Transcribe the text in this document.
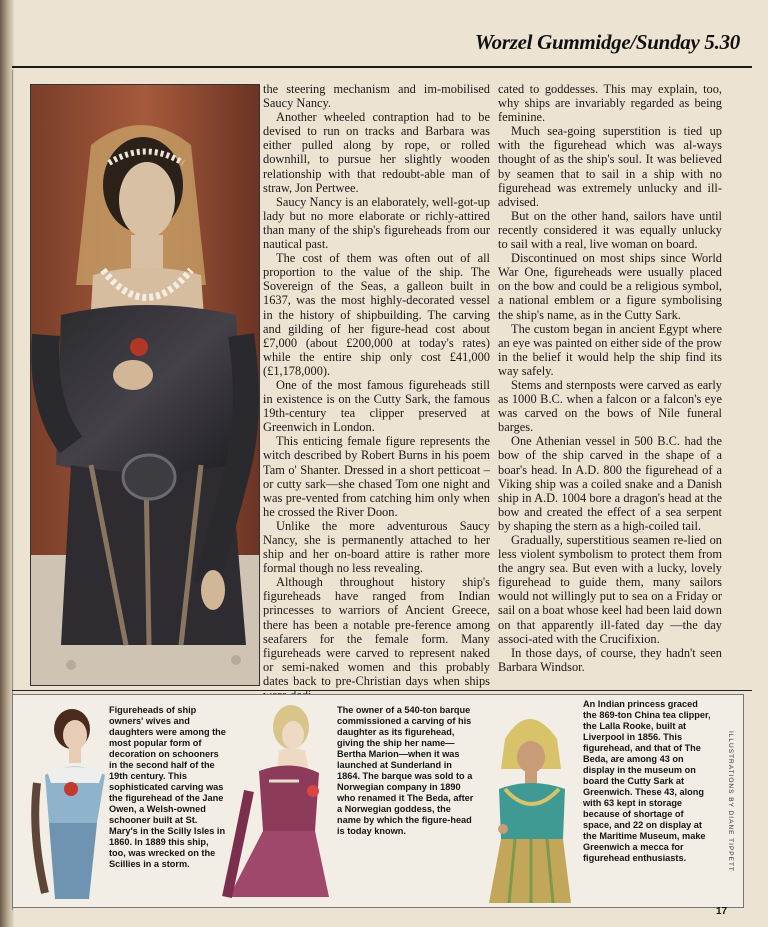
Worzel Gummidge/Sunday 5.30

the steering mechanism and im-mobilised Saucy Nancy.

Another wheeled contraption had to be devised to run on tracks and Barbara was either pulled along by rope, or rolled downhill, to pursue her slightly wooden relationship with that redoubt-able man of straw, Jon Pertwee.

Saucy Nancy is an elaborately, well-got-up lady but no more elaborate or richly-attired than many of the ship's figureheads from our nautical past.

The cost of them was often out of all proportion to the value of the ship. The Sovereign of the Seas, a galleon built in 1637, was the most highly-decorated vessel in the history of shipbuilding. The carving and gilding of her figure-head cost about £7,000 (about £200,000 at today's rates) while the entire ship only cost £41,000 (£1,178,000).

One of the most famous figureheads still in existence is on the Cutty Sark, the famous 19th-century tea clipper preserved at Greenwich in London.

This enticing female figure represents the witch described by Robert Burns in his poem Tam o' Shanter. Dressed in a short petticoat –or cutty sark—she chased Tom one night and was pre-vented from catching him only when he crossed the River Doon.

Unlike the more adventurous Saucy Nancy, she is permanently attached to her ship and her on-board attire is rather more formal though no less revealing.

Although throughout history ship's figureheads have ranged from Indian princesses to warriors of Ancient Greece, there has been a notable pre-ference among seafarers for the female form. Many figureheads were carved to represent naked or semi-naked women and this probably dates back to pre-Christian days when ships

cated to goddesses. This may explain, too, why ships are invariably regarded as being feminine.

Much sea-going superstition is tied up with the figurehead which was al-ways thought of as the ship's soul. It was believed by seamen that to sail in a ship with no figurehead was extremely unlucky and ill-advised.

But on the other hand, sailors have until recently considered it was equally unlucky to sail with a real, live woman on board.

Discontinued on most ships since World War One, figureheads were usually placed on the bow and could be a religious symbol, a national emblem or a figure symbolising the ship's name, as in the Cutty Sark.

The custom began in ancient Egypt where an eye was painted on either side of the prow in the belief it would help the ship find its way safely.

Stems and sternposts were carved as early as 1000 B.C. when a falcon or a falcon's eye was carved on the bows of Nile funeral barges.

One Athenian vessel in 500 B.C. had the bow of the ship carved in the shape of a boar's head. In A.D. 800 the figurehead of a Viking ship was a coiled snake and a Danish ship in A.D. 1004 bore a dragon's head at the bow and created the effect of a sea serpent by shaping the stern as a high-coiled tail.

Gradually, superstitious seamen re-lied on less violent symbolism to protect them from the angry sea. But even with a lucky, lovely figurehead to guide them, many sailors would not willingly put to sea on a Friday or sail on a boat whose keel had been laid down on that apparently ill-fated day —the day associ-ated with the Crucifixion.

In those days, of course, they hadn't seen Barbara Windsor.

Figureheads of ship owners' wives and daughters were among the most popular form of decoration on schooners in the second half of the 19th century. This sophisticated carving was the figurehead of the Jane Owen, a Welsh-owned schooner built at St. Mary's in the Scilly Isles in 1860. In 1889 this ship, too, was wrecked on the Scillies in a storm.
The owner of a 540-ton barque commissioned a carving of his daughter as its figurehead, giving the ship her name—Bertha Marion—when it was launched at Sunderland in 1864. The barque was sold to a Norwegian company in 1890 who renamed it The Beda, after a Norwegian goddess, the name by which the figure-head is today known.
An Indian princess graced the 869-ton China tea clipper, the Lalla Rooke, built at Liverpool in 1856. This figurehead, and that of The Beda, are among 43 on display in the museum on board the Cutty Sark at Greenwich. These 43, along with 63 kept in storage because of shortage of space, and 22 on display at the Maritime Museum, make Greenwich a mecca for figurehead enthusiasts.	ILLUSTRATIONS BY DIANE TIPPETT
17
